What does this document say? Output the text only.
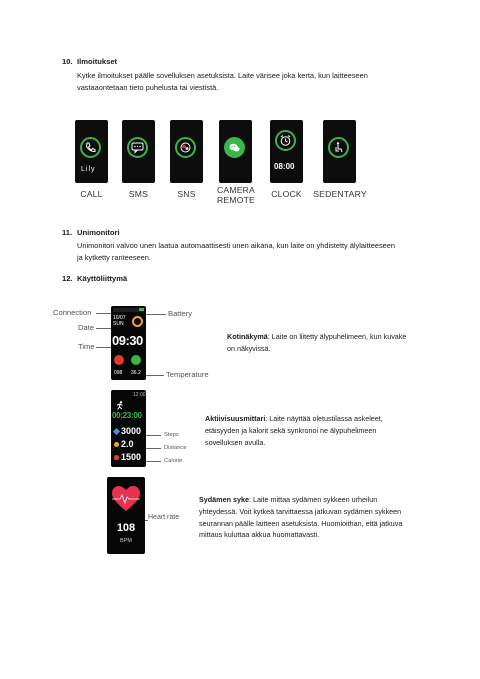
10. Ilmoitukset
Kytke ilmoitukset päälle sovelluksen asetuksista. Laite värisee joka kerta, kun laitteeseen
vastaaontetaan tieto puhelusta tai viestistä.
Lily	08:00
CALL	SMS	SNS	CAMERA
REMOTE
CLOCK	SEDENTARY
11. Unimonitori
Unimonitori valvoo unen laatua automaattisesti unen aikana, kun laite on yhdistetty älylaitteeseen
ja kytketty ranteeseen.
12. Käyttöliittymä
Connection
Date
Time
Battery
Temperature
10/07
SUN
09:30
098 36.2
Kotinäkymä: Laite on liitetty älypuhelimeen, kun kuvake
on näkyvissä.
12:00
00:23:00
3000
2.0
1500
Steps
Distance
Calorie
Aktiivisuusmittari: Laite näyttää oletustilassa askeleet,
etäisyyden ja kalorit sekä synkronoi ne älypuhelimeen
sovelluksen avulla.
108
BPM
Heart rate
Sydämen syke: Laite mittaa sydämen sykkeen urheilun
yhteydessä. Voit kytkeä tarvittaessa jatkuvan sydämen sykkeen
seurannan päälle laitteen asetuksista. Huomioithan, että jatkuva
mittaus kuluttaa akkua huomattavasti.
